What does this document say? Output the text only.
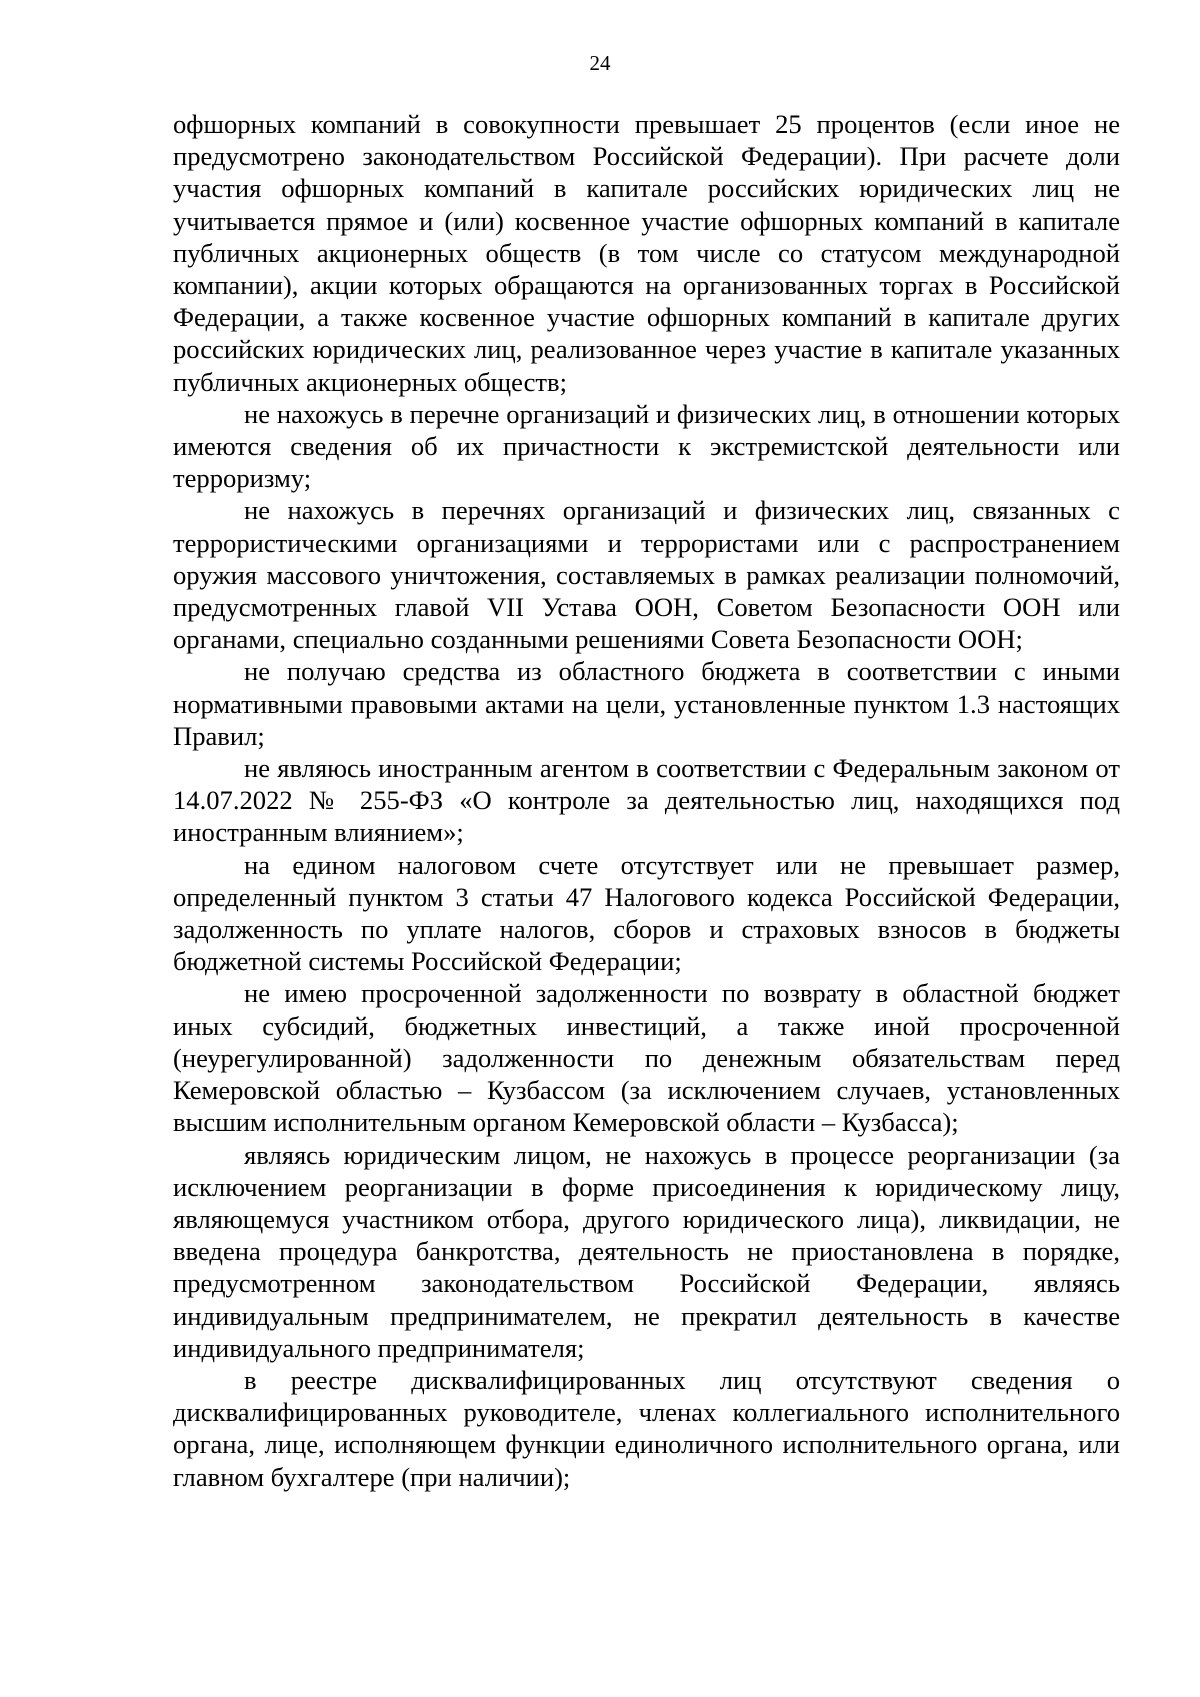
24

офшорных компаний в совокупности превышает 25 процентов (если иное не предусмотрено законодательством Российской Федерации). При расчете доли участия офшорных компаний в капитале российских юридических лиц не учитывается прямое и (или) косвенное участие офшорных компаний в капитале публичных акционерных обществ (в том числе со статусом международной компании), акции которых обращаются на организованных торгах в Российской Федерации, а также косвенное участие офшорных компаний в капитале других российских юридических лиц, реализованное через участие в капитале указанных публичных акционерных обществ;

не нахожусь в перечне организаций и физических лиц, в отношении которых имеются сведения об их причастности к экстремистской деятельности или терроризму;

не нахожусь в перечнях организаций и физических лиц, связанных с террористическими организациями и террористами или с распространением оружия массового уничтожения, составляемых в рамках реализации полномочий, предусмотренных главой VII Устава ООН, Советом Безопасности ООН или органами, специально созданными решениями Совета Безопасности ООН;

не получаю средства из областного бюджета в соответствии с иными нормативными правовыми актами на цели, установленные пунктом 1.3 настоящих Правил;

не являюсь иностранным агентом в соответствии с Федеральным законом от 14.07.2022 № 255-ФЗ «О контроле за деятельностью лиц, находящихся под иностранным влиянием»;

на едином налоговом счете отсутствует или не превышает размер, определенный пунктом 3 статьи 47 Налогового кодекса Российской Федерации, задолженность по уплате налогов, сборов и страховых взносов в бюджеты бюджетной системы Российской Федерации;

не имею просроченной задолженности по возврату в областной бюджет иных субсидий, бюджетных инвестиций, а также иной просроченной (неурегулированной) задолженности по денежным обязательствам перед Кемеровской областью – Кузбассом (за исключением случаев, установленных высшим исполнительным органом Кемеровской области – Кузбасса);

являясь юридическим лицом, не нахожусь в процессе реорганизации (за исключением реорганизации в форме присоединения к юридическому лицу, являющемуся участником отбора, другого юридического лица), ликвидации, не введена процедура банкротства, деятельность не приостановлена в порядке, предусмотренном законодательством Российской Федерации, являясь индивидуальным предпринимателем, не прекратил деятельность в качестве индивидуального предпринимателя;

в реестре дисквалифицированных лиц отсутствуют сведения о дисквалифицированных руководителе, членах коллегиального исполнительного органа, лице, исполняющем функции единоличного исполнительного органа, или главном бухгалтере (при наличии);
